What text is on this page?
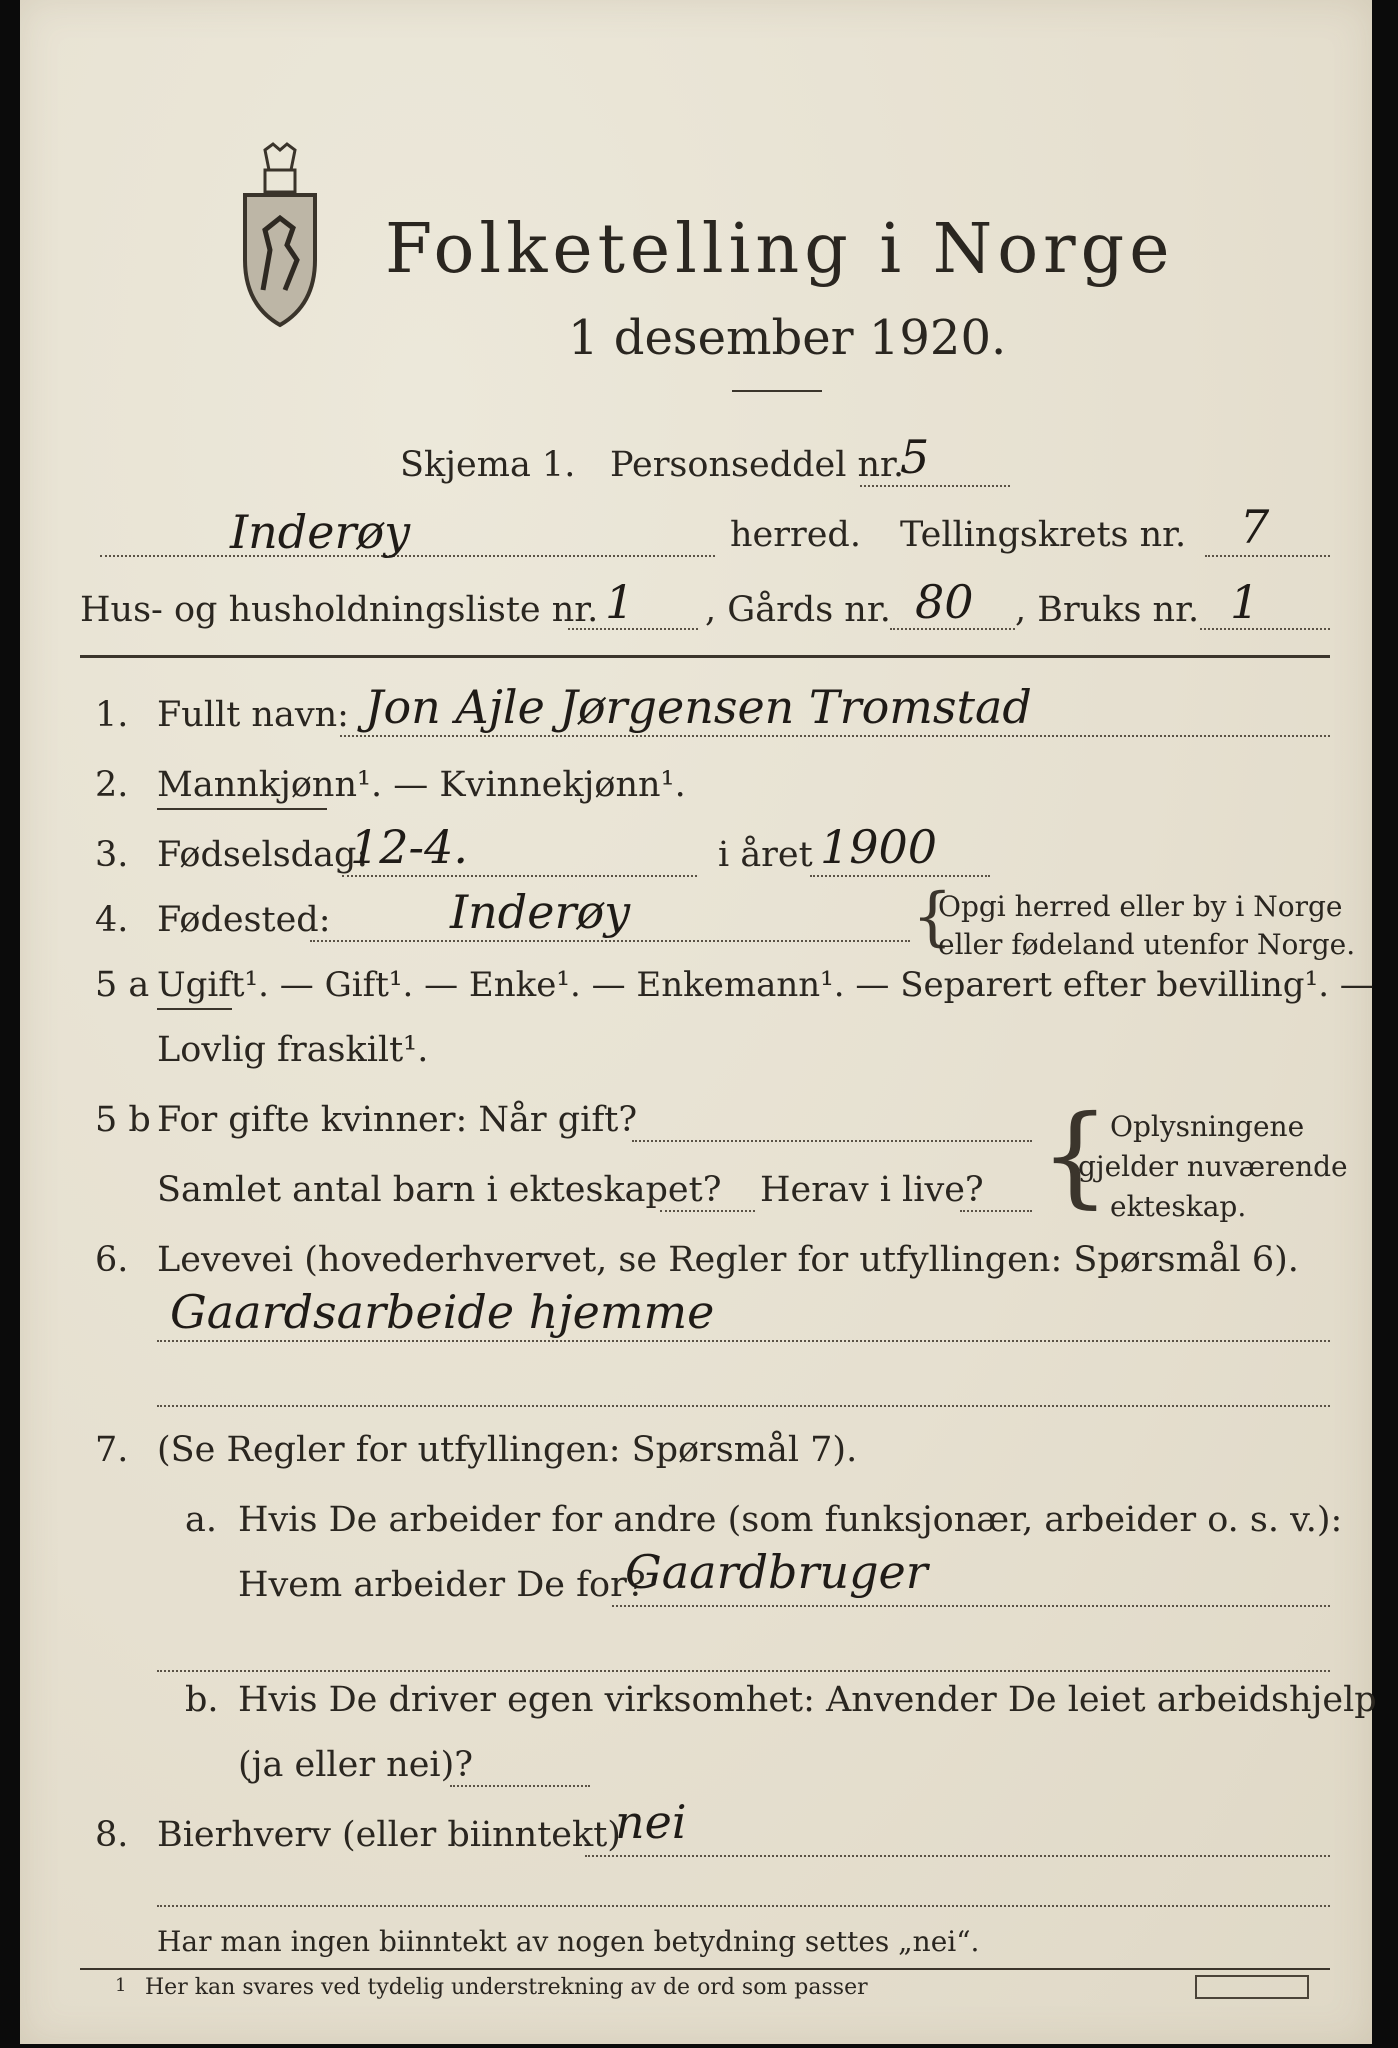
Folketelling i Norge
1 desember 1920.
Skjema 1. Personseddel nr.
5
Inderøy	herred. Tellingskrets nr. 7
Hus- og husholdningsliste nr. 1 , Gårds nr. 80 , Bruks nr. 1
1. Fullt navn: Jon Ajle Jørgensen Tromstad
2. Mannkjønn¹. — Kvinnekjønn¹.
3. Fødselsdag:
12-4.	i året 1900
4. Fødested:	Inderøy	{
Opgi herred eller by i Norge
eller fødeland utenfor Norge.
5 a Ugift¹. — Gift¹. — Enke¹. — Enkemann¹. — Separert efter bevilling¹. —
Lovlig fraskilt¹.
5 b For gifte kvinner: Når gift?
Samlet antal barn i ekteskapet? Herav i live? { Oplysningene
gjelder nuværende
ekteskap.
6. Levevei (hovederhvervet, se Regler for utfyllingen: Spørsmål 6).
Gaardsarbeide hjemme
7. (Se Regler for utfyllingen: Spørsmål 7).
a. Hvis De arbeider for andre (som funksjonær, arbeider o. s. v.):
Hvem arbeider De for?
Gaardbruger
b. Hvis De driver egen virksomhet: Anvender De leiet arbeidshjelp
(ja eller nei)?
8. Bierhverv (eller biinntekt)
nei
Har man ingen biinntekt av nogen betydning settes „nei“.
1 Her kan svares ved tydelig understrekning av de ord som passer
